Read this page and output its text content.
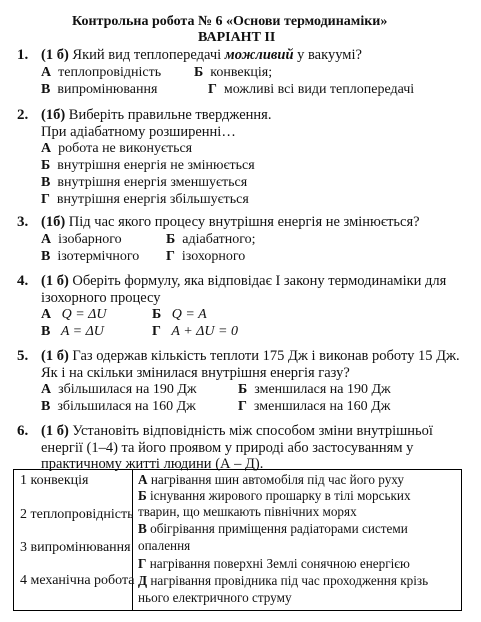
Контрольна робота № 6 «Основи термодинаміки»
ВАРІАНТ ІІ
1. (1 б) Який вид теплопередачі можливий у вакуумі?
А теплопровідність Б конвекція;
В випромінювання	Г можливі всі види теплопередачі
2. (1б) Виберіть правильне твердження.
При адіабатному розширенні…
А робота не виконується
Б внутрішня енергія не змінюється
В внутрішня енергія зменшується
Г внутрішня енергія збільшується
3. (1б) Під час якого процесу внутрішня енергія не змінюється?
А ізобарного	Б адіабатного;
В ізотермічного Г ізохорного
4. (1 б) Оберіть формулу, яка відповідає І закону термодинаміки для
ізохорного процесу
А Q = ΔU	Б Q = A
В A = ΔU	Г A + ΔU = 0
5. (1 б) Газ одержав кількість теплоти 175 Дж і виконав роботу 15 Дж.
Як і на скільки змінилася внутрішня енергія газу?
А збільшилася на 190 Дж	Б зменшилася на 190 Дж
В збільшилася на 160 Дж	Г зменшилася на 160 Дж
6. (1 б) Установіть відповідність між способом зміни внутрішньої
енергії (1–4) та його проявом у природі або застосуванням у
практичному житті людини (А – Д).
1 конвекція
2 теплопровідність
3 випромінювання
4 механічна робота

А нагрівання шин автомобіля під час його руху
Б існування жирового прошарку в тілі морських
тварин, що мешкають північних морях
В обігрівання приміщення радіаторами системи
опалення
Г нагрівання поверхні Землі сонячною енергією
Д нагрівання провідника під час проходження крізь
нього електричного струму
